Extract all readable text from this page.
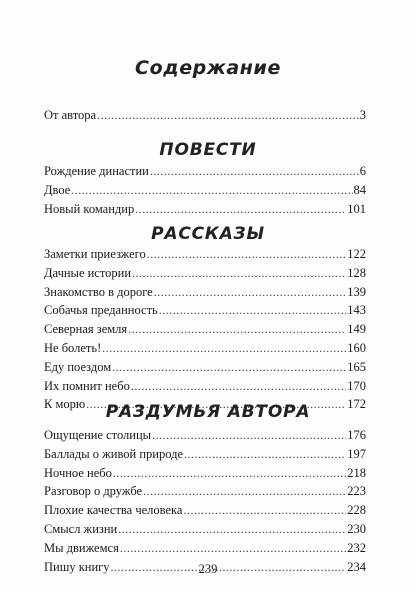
Содержание
От автора .....	3
ПОВЕСТИ
Рождение династии .....	6
Двое .....	84
Новый командир .....	101
РАССКАЗЫ
Заметки приезжего .....	122
Дачные истории .....	128
Знакомство в дороге .....	139
Собачья преданность .....	143
Северная земля .....	149
Не болеть! .....	160
Еду поездом .....	165
Их помнит небо .....	170
К морю .....	172
РАЗДУМЬЯ АВТОРА
Ощущение столицы .....	176
Баллады о живой природе .....	197
Ночное небо .....	218
Разговор о дружбе .....	223
Плохие качества человека .....	228
Смысл жизни .....	230
Мы движемся .....	232
Пишу книгу .....	234
239
